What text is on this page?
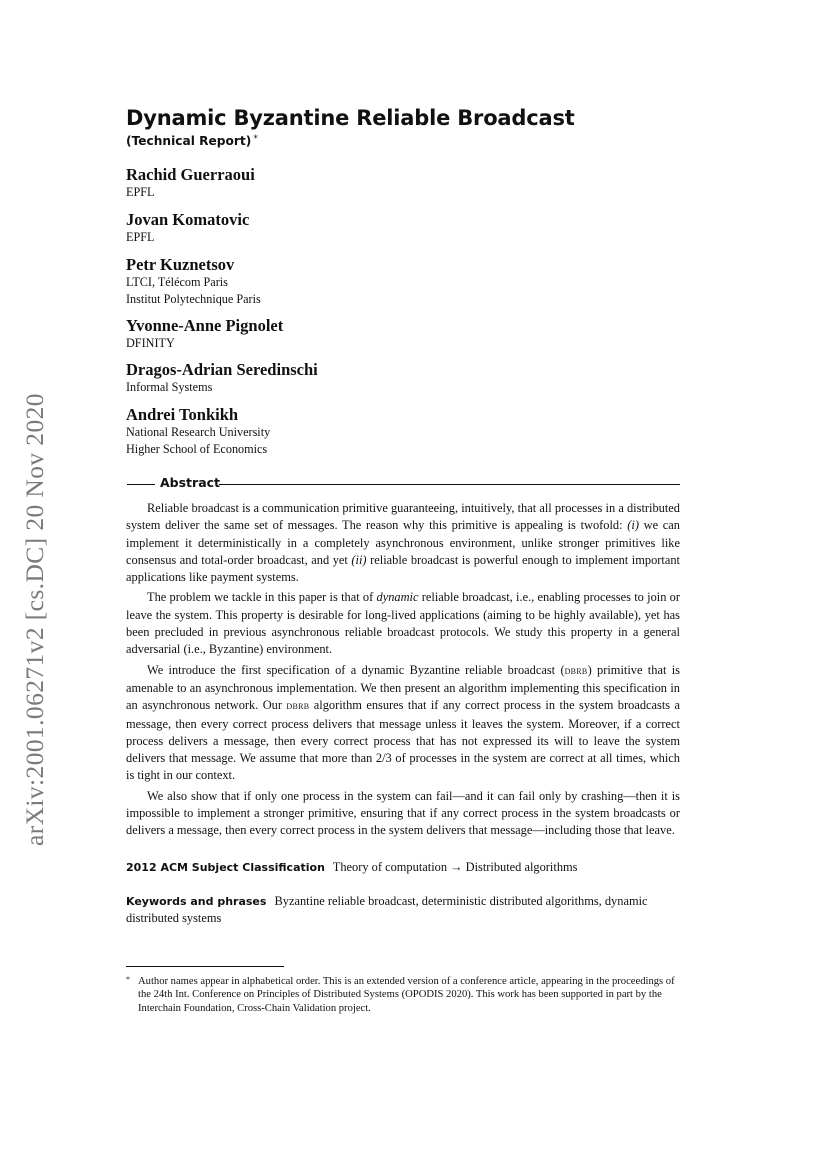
arXiv:2001.06271v2 [cs.DC] 20 Nov 2020
Dynamic Byzantine Reliable Broadcast
(Technical Report) *
Rachid Guerraoui
EPFL
Jovan Komatovic
EPFL
Petr Kuznetsov
LTCI, Télécom Paris
Institut Polytechnique Paris
Yvonne-Anne Pignolet
DFINITY
Dragos-Adrian Seredinschi
Informal Systems
Andrei Tonkikh
National Research University
Higher School of Economics
Abstract

Reliable broadcast is a communication primitive guaranteeing, intuitively, that all processes in a distributed system deliver the same set of messages. The reason why this primitive is appealing is twofold: (i) we can implement it deterministically in a completely asynchronous environment, unlike stronger primitives like consensus and total-order broadcast, and yet (ii) reliable broadcast is powerful enough to implement important applications like payment systems.

The problem we tackle in this paper is that of dynamic reliable broadcast, i.e., enabling processes to join or leave the system. This property is desirable for long-lived applications (aiming to be highly available), yet has been precluded in previous asynchronous reliable broadcast protocols. We study this property in a general adversarial (i.e., Byzantine) environment.

We introduce the first specification of a dynamic Byzantine reliable broadcast (dbrb) primitive that is amenable to an asynchronous implementation. We then present an algorithm implementing this specification in an asynchronous network. Our dbrb algorithm ensures that if any correct process in the system broadcasts a message, then every correct process delivers that message unless it leaves the system. Moreover, if a correct process delivers a message, then every correct process that has not expressed its will to leave the system delivers that message. We assume that more than 2/3 of processes in the system are correct at all times, which is tight in our context.

We also show that if only one process in the system can fail—and it can fail only by crashing—then it is impossible to implement a stronger primitive, ensuring that if any correct process in the system broadcasts or delivers a message, then every correct process in the system delivers that message—including those that leave.

2012 ACM Subject Classification Theory of computation → Distributed algorithms
Keywords and phrases Byzantine reliable broadcast, deterministic distributed algorithms, dynamic distributed systems
* Author names appear in alphabetical order. This is an extended version of a conference article, appearing in the proceedings of the 24th Int. Conference on Principles of Distributed Systems (OPODIS 2020). This work has been supported in part by the Interchain Foundation, Cross-Chain Validation project.
